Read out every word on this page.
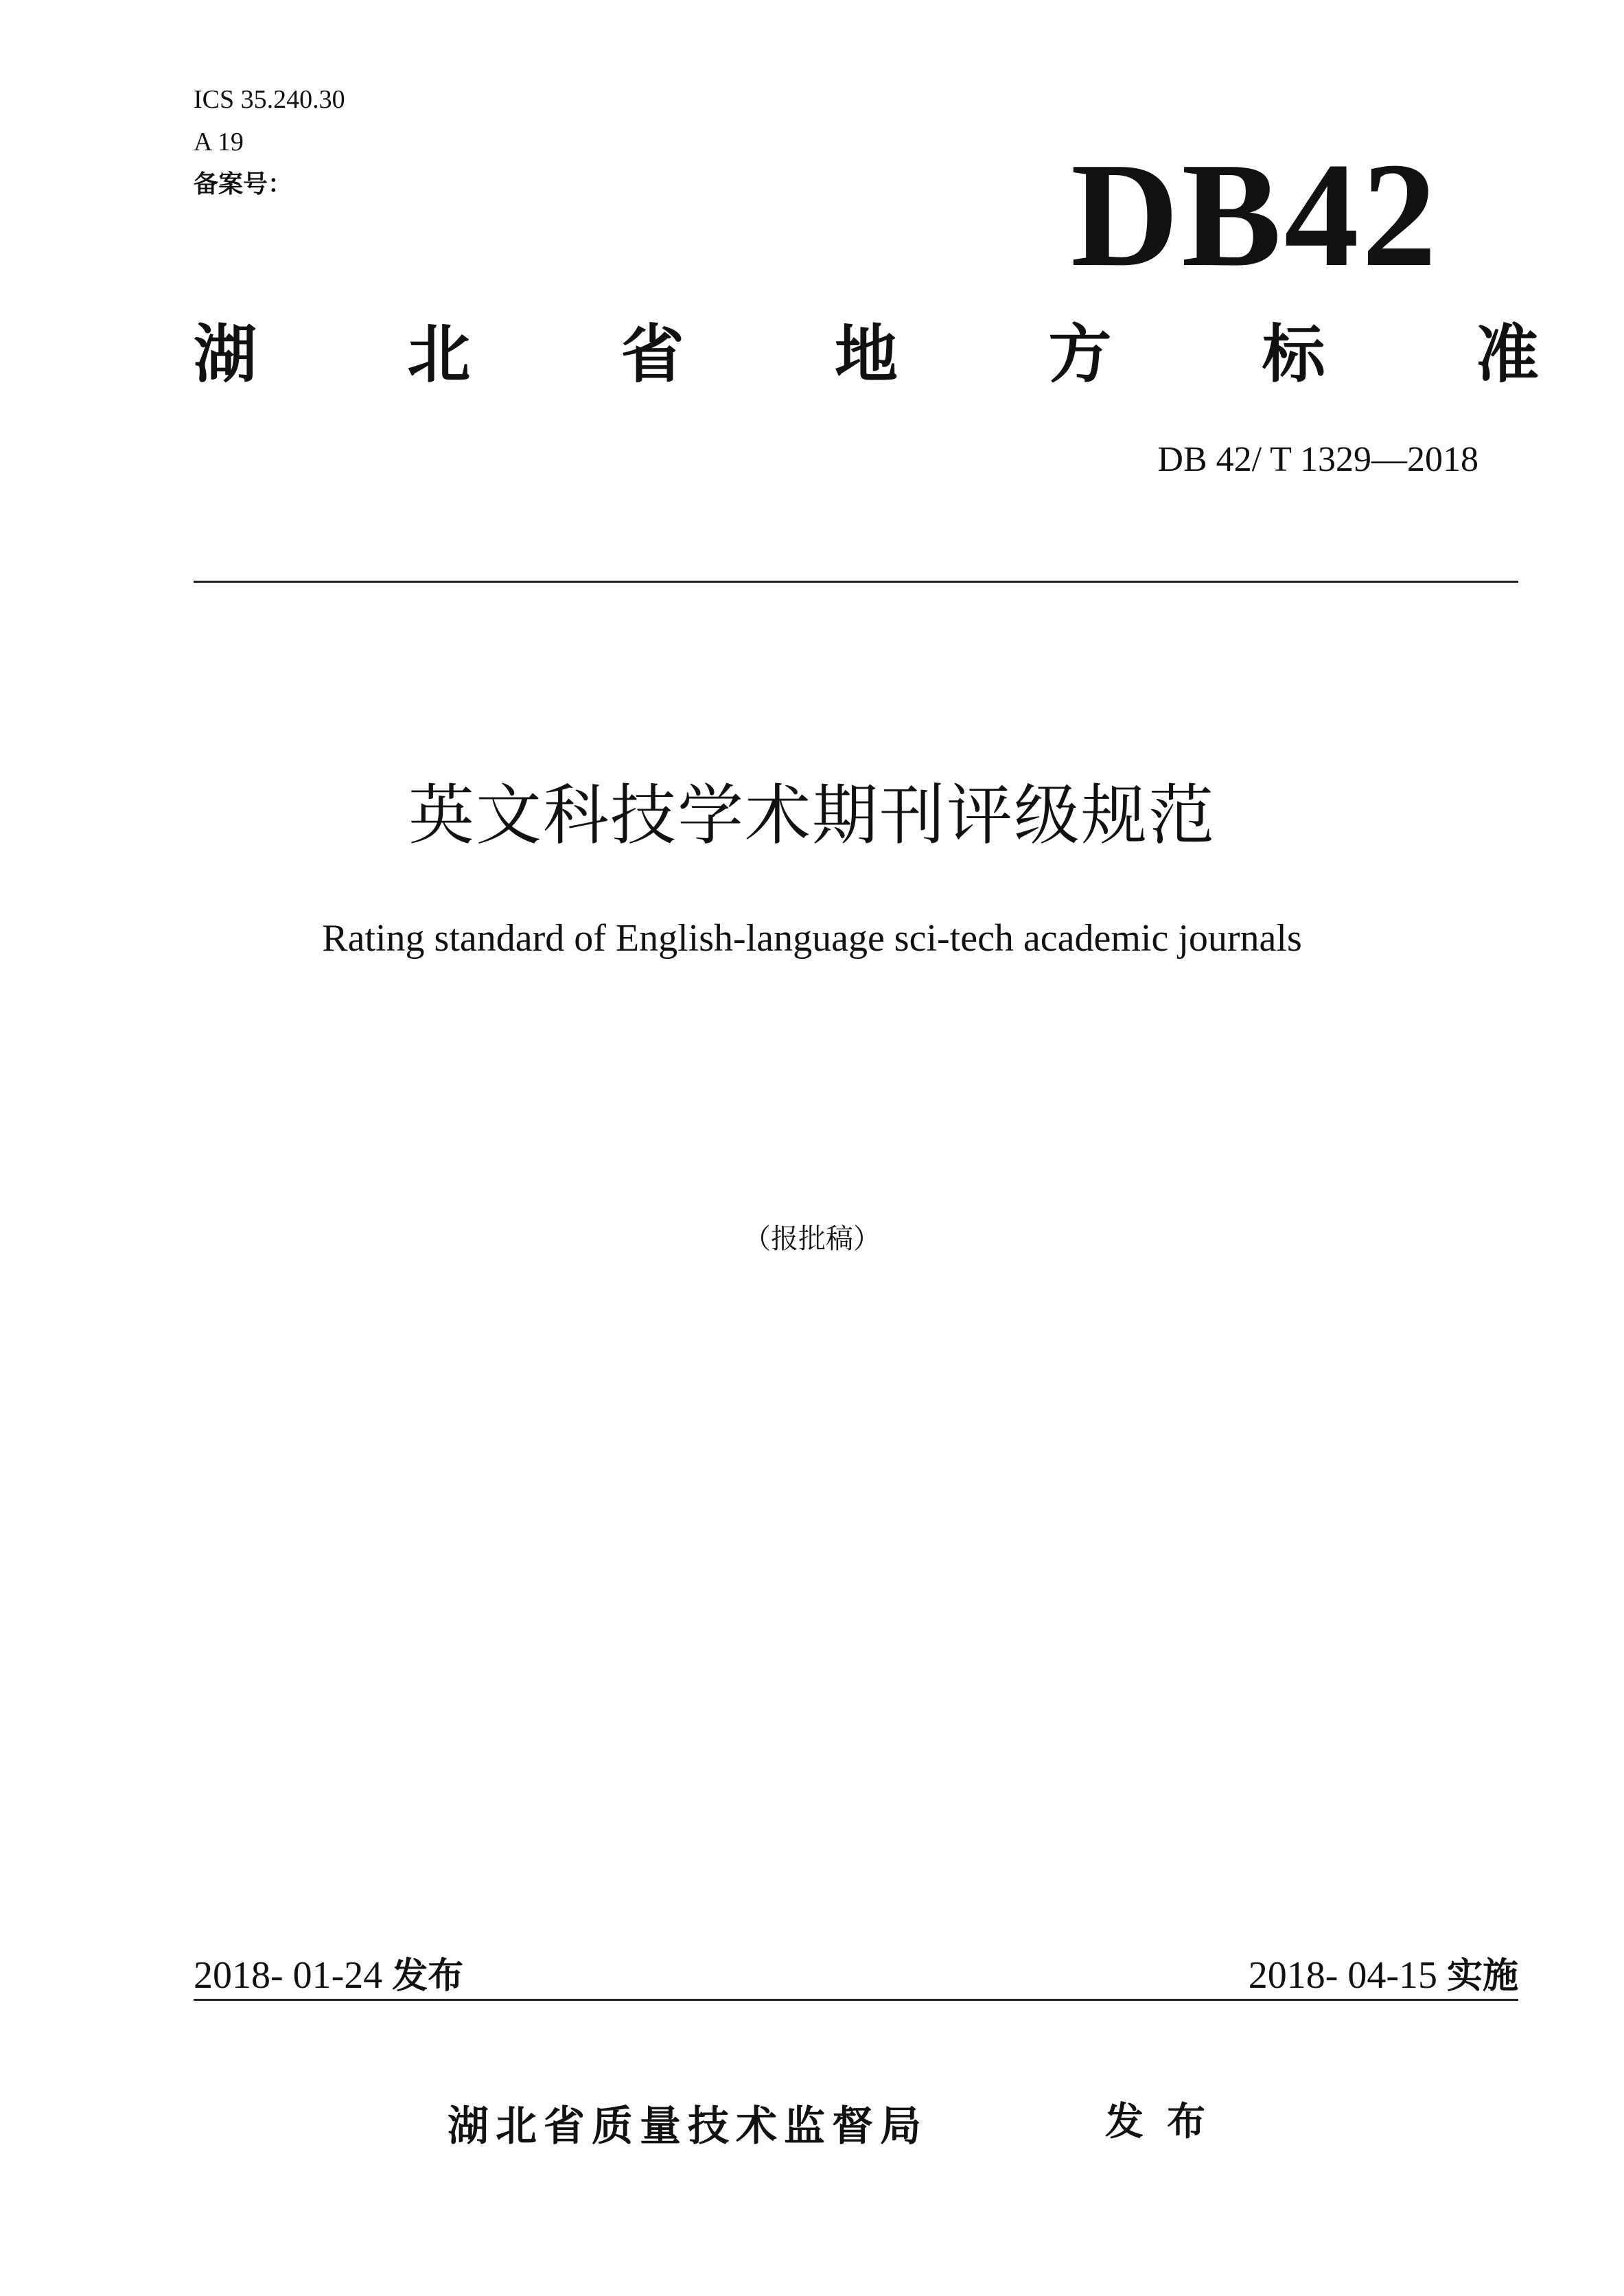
ICS 35.240.30
A 19
备案号：	DB42
湖 北 省 地 方 标 准
DB 42/ T 1329—2018
英文科技学术期刊评级规范
Rating standard of English-language sci-tech academic journals
（报批稿）
2018- 01-24 发布	2018- 04-15 实施
湖北省质量技术监督局	发布
